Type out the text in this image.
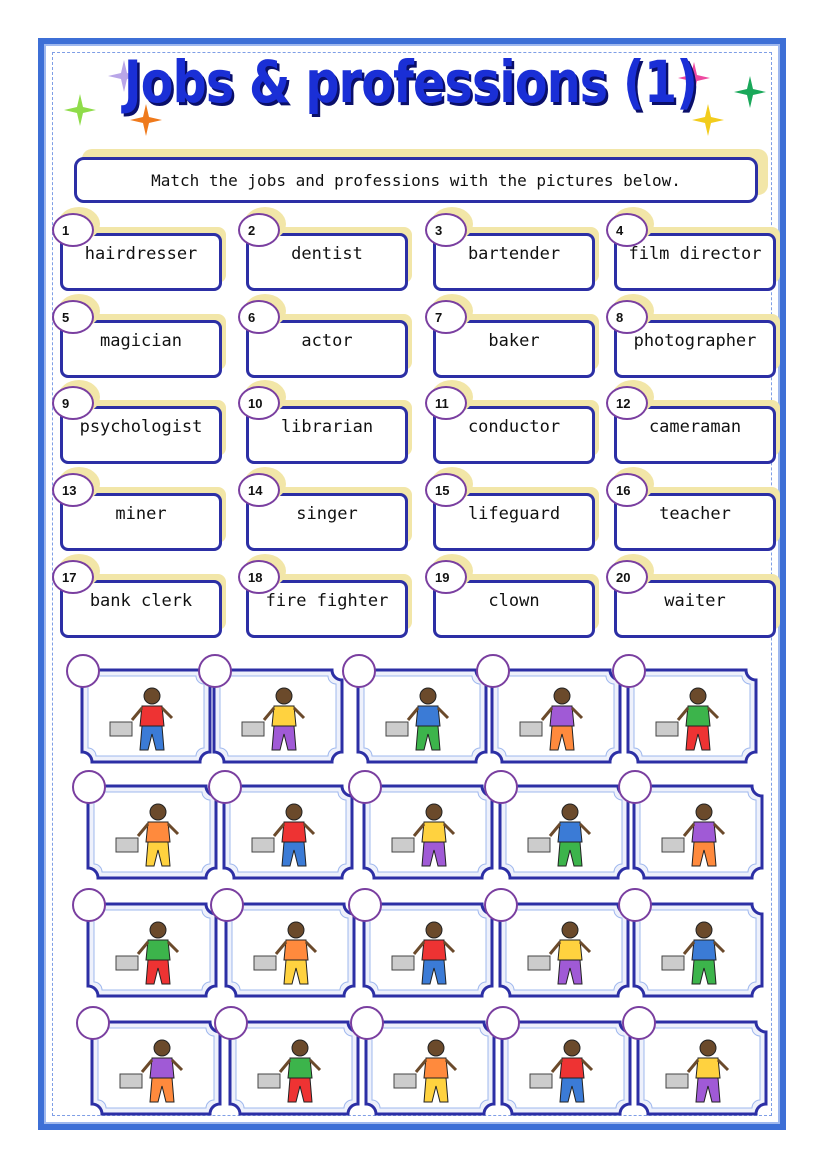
Jobs & professions (1)
Match the jobs and professions with the pictures below.
hairdresser
1
dentist
2
bartender
3
film director
4
magician
5
actor
6
baker
7
photographer
8
psychologist
9
librarian
10
conductor
11
cameraman
12
miner
13
singer
14
lifeguard
15
teacher
16
bank clerk
17
fire fighter
18
clown
19
waiter
20
